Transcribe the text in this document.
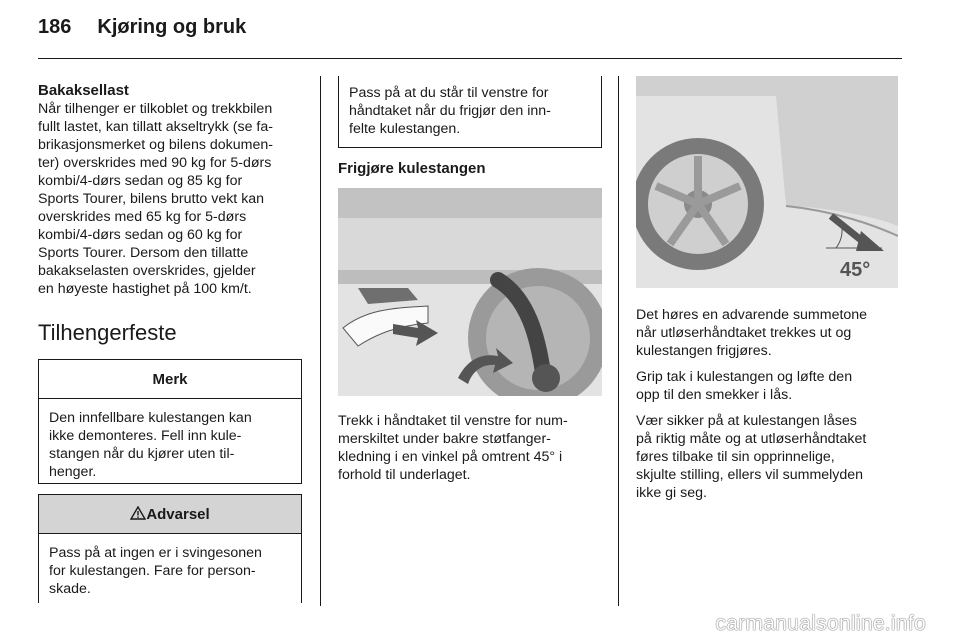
186 Kjøring og bruk
Bakaksellast
Når tilhenger er tilkoblet og trekkbilen
fullt lastet, kan tillatt akseltrykk (se fa-
brikasjonsmerket og bilens dokumen-
ter) overskrides med 90 kg for 5-dørs
kombi/4-dørs sedan og 85 kg for
Sports Tourer, bilens brutto vekt kan
overskrides med 65 kg for 5-dørs
kombi/4-dørs sedan og 60 kg for
Sports Tourer. Dersom den tillatte
bakakselasten overskrides, gjelder
en høyeste hastighet på 100 km/t.
Tilhengerfeste
Merk
Den innfellbare kulestangen kan
ikke demonteres. Fell inn kule-
stangen når du kjører uten til-
henger.
Advarsel
Pass på at ingen er i svingesonen
for kulestangen. Fare for person-
skade.
Pass på at du står til venstre for
håndtaket når du frigjør den inn-
felte kulestangen.
Frigjøre kulestangen
Trekk i håndtaket til venstre for num-
merskiltet under bakre støtfanger-
kledning i en vinkel på omtrent 45° i
forhold til underlaget.
45°

Det høres en advarende summetone
når utløserhåndtaket trekkes ut og
kulestangen frigjøres.

Grip tak i kulestangen og løfte den
opp til den smekker i lås.

Vær sikker på at kulestangen låses
på riktig måte og at utløserhåndtaket
føres tilbake til sin opprinnelige,
skjulte stilling, ellers vil summelyden
ikke gi seg.

carmanualsonline.info
